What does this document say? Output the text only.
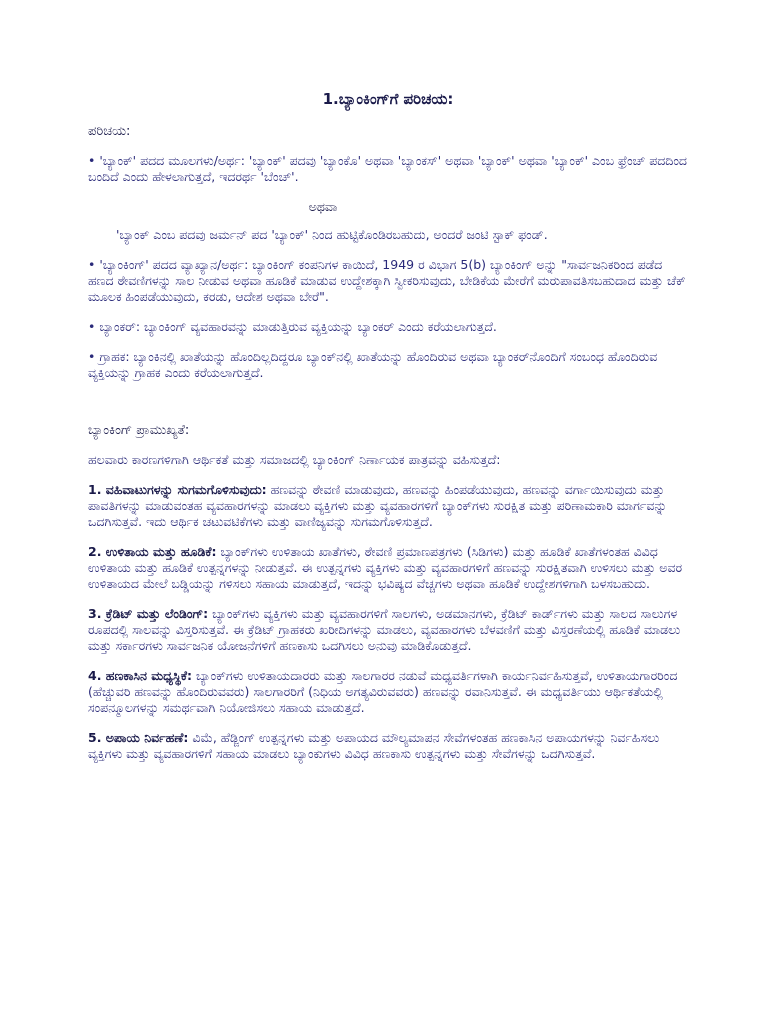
1.ಬ್ಯಾಂಕಿಂಗ್‌ಗೆ ಪರಿಚಯ:
ಪರಿಚಯ:

• 'ಬ್ಯಾಂಕ್' ಪದದ ಮೂಲಗಳು/ಅರ್ಥ: 'ಬ್ಯಾಂಕ್' ಪದವು 'ಬ್ಯಾಂಕೊ' ಅಥವಾ 'ಬ್ಯಾಂಕಸ್' ಅಥವಾ 'ಬ್ಯಾಂಕ್' ಅಥವಾ 'ಬ್ಯಾಂಕ್' ಎಂಬ ಫ್ರೆಂಚ್ ಪದದಿಂದ ಬಂದಿದೆ ಎಂದು ಹೇಳಲಾಗುತ್ತದೆ, ಇದರರ್ಥ 'ಬೆಂಚ್'.

ಅಥವಾ

'ಬ್ಯಾಂಕ್ ಎಂಬ ಪದವು ಜರ್ಮನ್ ಪದ 'ಬ್ಯಾಂಕ್' ನಿಂದ ಹುಟ್ಟಿಕೊಂಡಿರಬಹುದು, ಅಂದರೆ ಜಂಟಿ ಸ್ಟಾಕ್ ಫಂಡ್.

• 'ಬ್ಯಾಂಕಿಂಗ್' ಪದದ ವ್ಯಾಖ್ಯಾನ/ಅರ್ಥ: ಬ್ಯಾಂಕಿಂಗ್ ಕಂಪನಿಗಳ ಕಾಯಿದೆ, 1949 ರ ವಿಭಾಗ 5(b) ಬ್ಯಾಂಕಿಂಗ್ ಅನ್ನು "ಸಾರ್ವಜನಿಕರಿಂದ ಪಡೆದ ಹಣದ ಠೇವಣಿಗಳನ್ನು ಸಾಲ ನೀಡುವ ಅಥವಾ ಹೂಡಿಕೆ ಮಾಡುವ ಉದ್ದೇಶಕ್ಕಾಗಿ ಸ್ವೀಕರಿಸುವುದು, ಬೇಡಿಕೆಯ ಮೇರೆಗೆ ಮರುಪಾವತಿಸಬಹುದಾದ ಮತ್ತು ಚೆಕ್ ಮೂಲಕ ಹಿಂಪಡೆಯುವುದು, ಕರಡು, ಆದೇಶ ಅಥವಾ ಬೇರೆ".

• ಬ್ಯಾಂಕರ್: ಬ್ಯಾಂಕಿಂಗ್ ವ್ಯವಹಾರವನ್ನು ಮಾಡುತ್ತಿರುವ ವ್ಯಕ್ತಿಯನ್ನು ಬ್ಯಾಂಕರ್ ಎಂದು ಕರೆಯಲಾಗುತ್ತದೆ.

• ಗ್ರಾಹಕ: ಬ್ಯಾಂಕಿನಲ್ಲಿ ಖಾತೆಯನ್ನು ಹೊಂದಿಲ್ಲದಿದ್ದರೂ ಬ್ಯಾಂಕ್‌ನಲ್ಲಿ ಖಾತೆಯನ್ನು ಹೊಂದಿರುವ ಅಥವಾ ಬ್ಯಾಂಕರ್‌ನೊಂದಿಗೆ ಸಂಬಂಧ ಹೊಂದಿರುವ ವ್ಯಕ್ತಿಯನ್ನು ಗ್ರಾಹಕ ಎಂದು ಕರೆಯಲಾಗುತ್ತದೆ.

ಬ್ಯಾಂಕಿಂಗ್ ಪ್ರಾಮುಖ್ಯತೆ:

ಹಲವಾರು ಕಾರಣಗಳಿಗಾಗಿ ಆರ್ಥಿಕತೆ ಮತ್ತು ಸಮಾಜದಲ್ಲಿ ಬ್ಯಾಂಕಿಂಗ್ ನಿರ್ಣಾಯಕ ಪಾತ್ರವನ್ನು ವಹಿಸುತ್ತದೆ:

1. ವಹಿವಾಟುಗಳನ್ನು ಸುಗಮಗೊಳಿಸುವುದು: ಹಣವನ್ನು ಠೇವಣಿ ಮಾಡುವುದು, ಹಣವನ್ನು ಹಿಂಪಡೆಯುವುದು, ಹಣವನ್ನು ವರ್ಗಾಯಿಸುವುದು ಮತ್ತು ಪಾವತಿಗಳನ್ನು ಮಾಡುವಂತಹ ವ್ಯವಹಾರಗಳನ್ನು ಮಾಡಲು ವ್ಯಕ್ತಿಗಳು ಮತ್ತು ವ್ಯವಹಾರಗಳಿಗೆ ಬ್ಯಾಂಕ್‌ಗಳು ಸುರಕ್ಷಿತ ಮತ್ತು ಪರಿಣಾಮಕಾರಿ ಮಾರ್ಗವನ್ನು ಒದಗಿಸುತ್ತವೆ. ಇದು ಆರ್ಥಿಕ ಚಟುವಟಿಕೆಗಳು ಮತ್ತು ವಾಣಿಜ್ಯವನ್ನು ಸುಗಮಗೊಳಿಸುತ್ತದೆ.

2. ಉಳಿತಾಯ ಮತ್ತು ಹೂಡಿಕೆ: ಬ್ಯಾಂಕ್‌ಗಳು ಉಳಿತಾಯ ಖಾತೆಗಳು, ಠೇವಣಿ ಪ್ರಮಾಣಪತ್ರಗಳು (ಸಿಡಿಗಳು) ಮತ್ತು ಹೂಡಿಕೆ ಖಾತೆಗಳಂತಹ ವಿವಿಧ ಉಳಿತಾಯ ಮತ್ತು ಹೂಡಿಕೆ ಉತ್ಪನ್ನಗಳನ್ನು ನೀಡುತ್ತವೆ. ಈ ಉತ್ಪನ್ನಗಳು ವ್ಯಕ್ತಿಗಳು ಮತ್ತು ವ್ಯವಹಾರಗಳಿಗೆ ಹಣವನ್ನು ಸುರಕ್ಷಿತವಾಗಿ ಉಳಿಸಲು ಮತ್ತು ಅವರ ಉಳಿತಾಯದ ಮೇಲೆ ಬಡ್ಡಿಯನ್ನು ಗಳಿಸಲು ಸಹಾಯ ಮಾಡುತ್ತದೆ, ಇದನ್ನು ಭವಿಷ್ಯದ ವೆಚ್ಚಗಳು ಅಥವಾ ಹೂಡಿಕೆ ಉದ್ದೇಶಗಳಿಗಾಗಿ ಬಳಸಬಹುದು.

3. ಕ್ರೆಡಿಟ್ ಮತ್ತು ಲೆಂಡಿಂಗ್: ಬ್ಯಾಂಕ್‌ಗಳು ವ್ಯಕ್ತಿಗಳು ಮತ್ತು ವ್ಯವಹಾರಗಳಿಗೆ ಸಾಲಗಳು, ಅಡಮಾನಗಳು, ಕ್ರೆಡಿಟ್ ಕಾರ್ಡ್‌ಗಳು ಮತ್ತು ಸಾಲದ ಸಾಲುಗಳ ರೂಪದಲ್ಲಿ ಸಾಲವನ್ನು ವಿಸ್ತರಿಸುತ್ತವೆ. ಈ ಕ್ರೆಡಿಟ್ ಗ್ರಾಹಕರು ಖರೀದಿಗಳನ್ನು ಮಾಡಲು, ವ್ಯವಹಾರಗಳು ಬೆಳವಣಿಗೆ ಮತ್ತು ವಿಸ್ತರಣೆಯಲ್ಲಿ ಹೂಡಿಕೆ ಮಾಡಲು ಮತ್ತು ಸರ್ಕಾರಗಳು ಸಾರ್ವಜನಿಕ ಯೋಜನೆಗಳಿಗೆ ಹಣಕಾಸು ಒದಗಿಸಲು ಅನುವು ಮಾಡಿಕೊಡುತ್ತದೆ.

4. ಹಣಕಾಸಿನ ಮಧ್ಯಸ್ಥಿಕೆ: ಬ್ಯಾಂಕ್‌ಗಳು ಉಳಿತಾಯದಾರರು ಮತ್ತು ಸಾಲಗಾರರ ನಡುವೆ ಮಧ್ಯವರ್ತಿಗಳಾಗಿ ಕಾರ್ಯನಿರ್ವಹಿಸುತ್ತವೆ, ಉಳಿತಾಯಗಾರರಿಂದ (ಹೆಚ್ಚುವರಿ ಹಣವನ್ನು ಹೊಂದಿರುವವರು) ಸಾಲಗಾರರಿಗೆ (ನಿಧಿಯ ಅಗತ್ಯವಿರುವವರು) ಹಣವನ್ನು ರವಾನಿಸುತ್ತವೆ. ಈ ಮಧ್ಯವರ್ತಿಯು ಆರ್ಥಿಕತೆಯಲ್ಲಿ ಸಂಪನ್ಮೂಲಗಳನ್ನು ಸಮರ್ಥವಾಗಿ ನಿಯೋಜಿಸಲು ಸಹಾಯ ಮಾಡುತ್ತದೆ.

5. ಅಪಾಯ ನಿರ್ವಹಣೆ: ವಿಮೆ, ಹೆಡ್ಜಿಂಗ್ ಉತ್ಪನ್ನಗಳು ಮತ್ತು ಅಪಾಯದ ಮೌಲ್ಯಮಾಪನ ಸೇವೆಗಳಂತಹ ಹಣಕಾಸಿನ ಅಪಾಯಗಳನ್ನು ನಿರ್ವಹಿಸಲು ವ್ಯಕ್ತಿಗಳು ಮತ್ತು ವ್ಯವಹಾರಗಳಿಗೆ ಸಹಾಯ ಮಾಡಲು ಬ್ಯಾಂಕುಗಳು ವಿವಿಧ ಹಣಕಾಸು ಉತ್ಪನ್ನಗಳು ಮತ್ತು ಸೇವೆಗಳನ್ನು ಒದಗಿಸುತ್ತವೆ.
